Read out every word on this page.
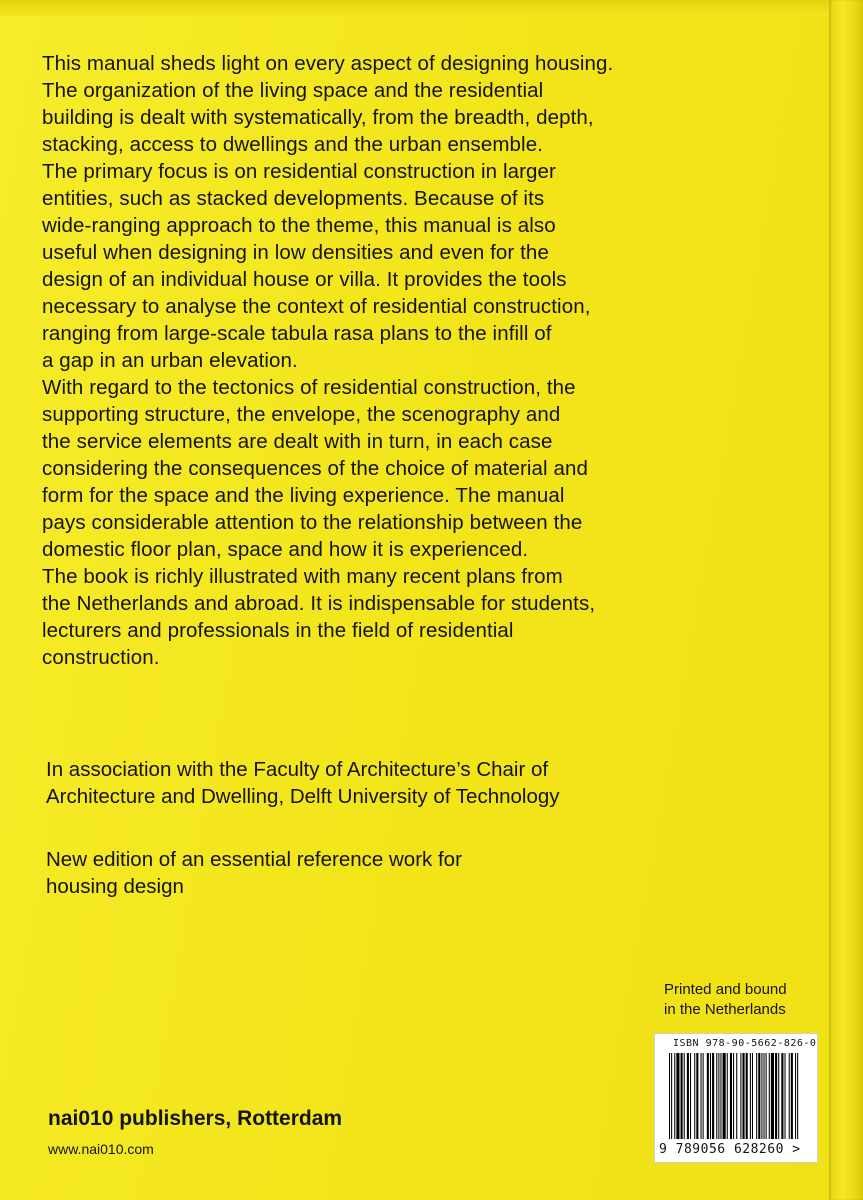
This manual sheds light on every aspect of designing housing.
The organization of the living space and the residential
building is dealt with systematically, from the breadth, depth,
stacking, access to dwellings and the urban ensemble.
The primary focus is on residential construction in larger
entities, such as stacked developments. Because of its
wide-ranging approach to the theme, this manual is also
useful when designing in low densities and even for the
design of an individual house or villa. It provides the tools
necessary to analyse the context of residential construction,
ranging from large-scale tabula rasa plans to the infill of
a gap in an urban elevation.

With regard to the tectonics of residential construction, the
supporting structure, the envelope, the scenography and
the service elements are dealt with in turn, in each case
considering the consequences of the choice of material and
form for the space and the living experience. The manual
pays considerable attention to the relationship between the
domestic floor plan, space and how it is experienced.

The book is richly illustrated with many recent plans from
the Netherlands and abroad. It is indispensable for students,
lecturers and professionals in the field of residential
construction.

In association with the Faculty of Architecture’s Chair of
Architecture and Dwelling, Delft University of Technology
New edition of an essential reference work for
housing design
Printed and bound
in the Netherlands
ISBN 978-90-5662-826-0
9 789056 628260 >
nai010 publishers, Rotterdam
www.nai010.com
